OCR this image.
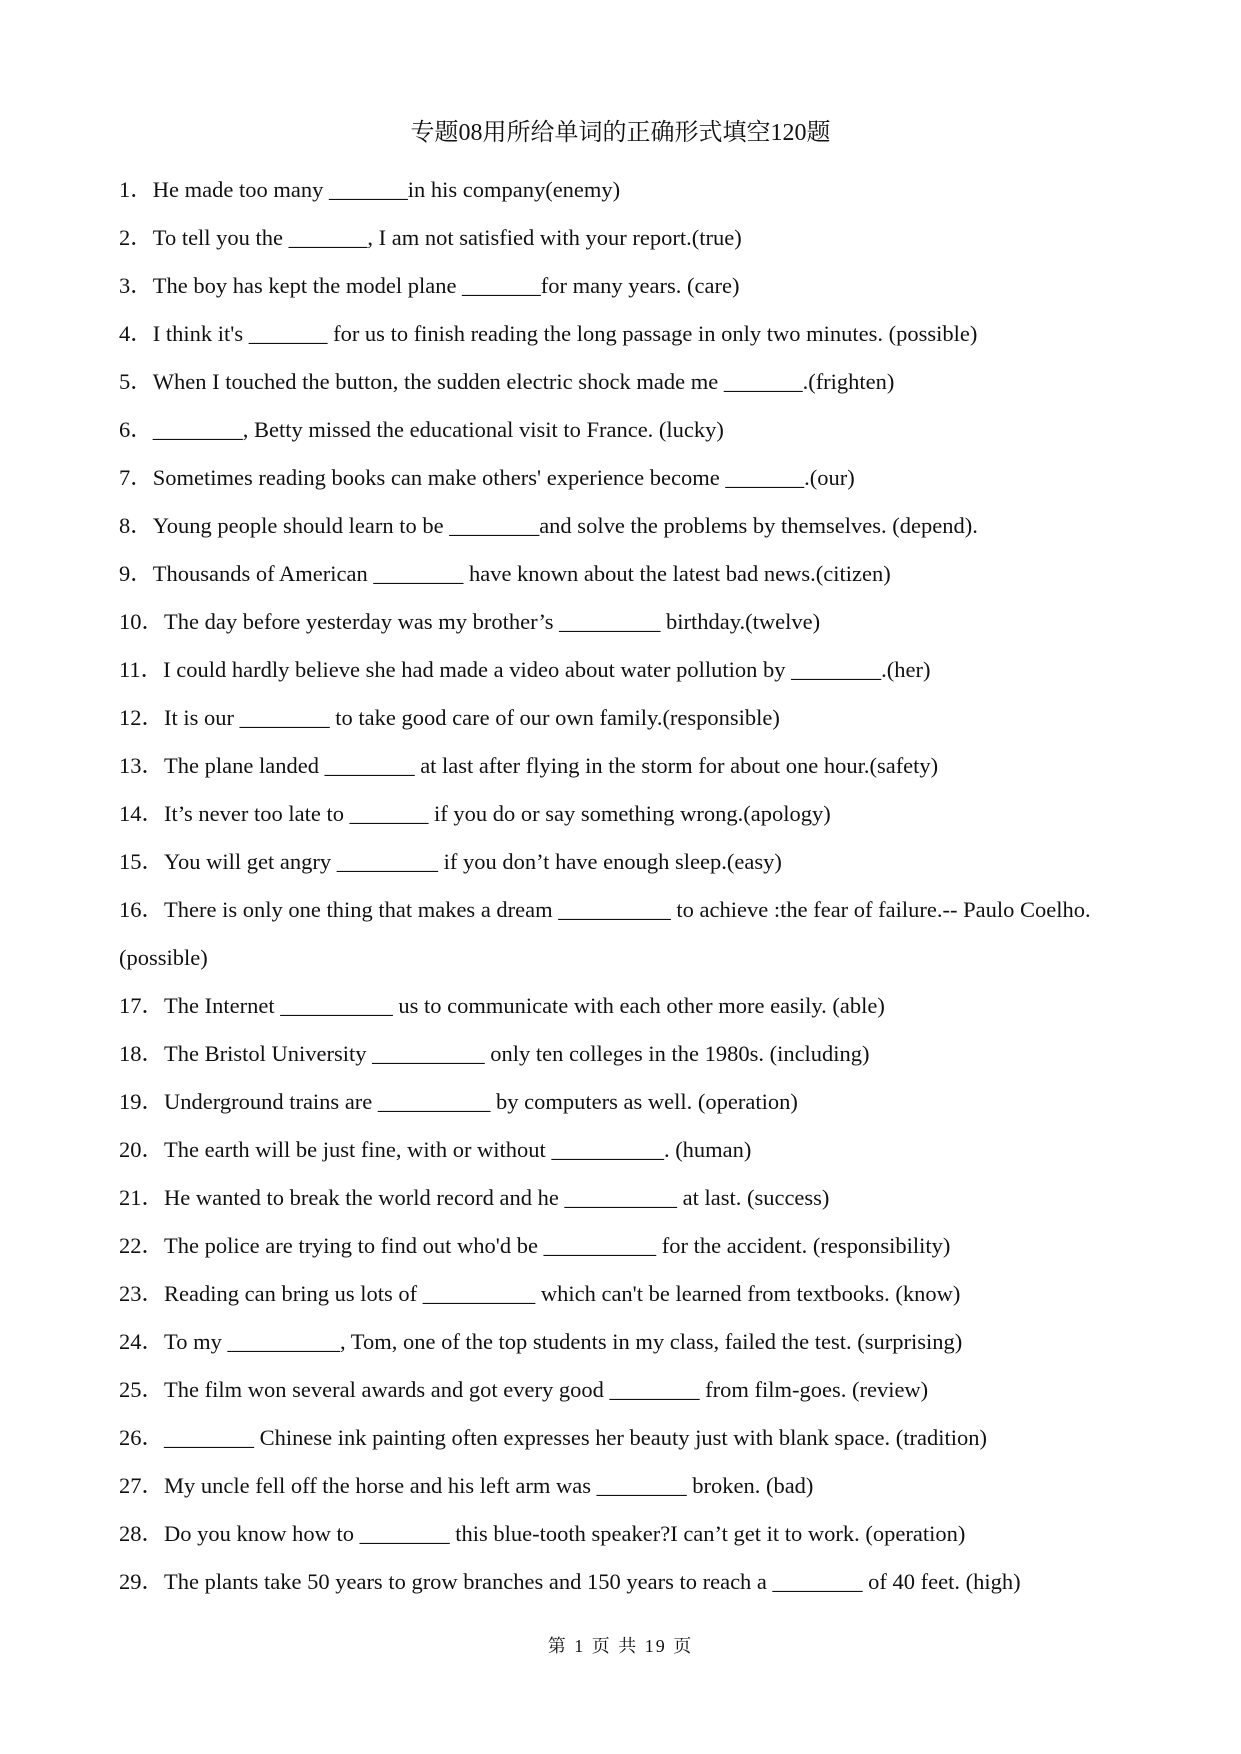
专题08用所给单词的正确形式填空120题
1．He made too many _______in his company(enemy)
2．To tell you the _______, I am not satisfied with your report.(true)
3．The boy has kept the model plane _______for many years. (care)
4．I think it's _______ for us to finish reading the long passage in only two minutes. (possible)
5．When I touched the button, the sudden electric shock made me _______.(frighten)
6．________, Betty missed the educational visit to France. (lucky)
7．Sometimes reading books can make others' experience become _______.(our)
8．Young people should learn to be ________and solve the problems by themselves. (depend).
9．Thousands of American ________ have known about the latest bad news.(citizen)
10．The day before yesterday was my brother’s _________ birthday.(twelve)
11．I could hardly believe she had made a video about water pollution by ________.(her)
12．It is our ________ to take good care of our own family.(responsible)
13．The plane landed ________ at last after flying in the storm for about one hour.(safety)
14．It’s never too late to _______ if you do or say something wrong.(apology)
15．You will get angry _________ if you don’t have enough sleep.(easy)
16．There is only one thing that makes a dream __________ to achieve :the fear of failure.-- Paulo Coelho.(possible)
17．The Internet __________ us to communicate with each other more easily. (able)
18．The Bristol University __________ only ten colleges in the 1980s. (including)
19．Underground trains are __________ by computers as well. (operation)
20．The earth will be just fine, with or without __________. (human)
21．He wanted to break the world record and he __________ at last. (success)
22．The police are trying to find out who'd be __________ for the accident. (responsibility)
23．Reading can bring us lots of __________ which can't be learned from textbooks. (know)
24．To my __________, Tom, one of the top students in my class, failed the test. (surprising)
25．The film won several awards and got every good ________ from film-goes. (review)
26．________ Chinese ink painting often expresses her beauty just with blank space. (tradition)
27．My uncle fell off the horse and his left arm was ________ broken. (bad)
28．Do you know how to ________ this blue-tooth speaker?I can’t get it to work. (operation)
29．The plants take 50 years to grow branches and 150 years to reach a ________ of 40 feet. (high)
第 1 页 共 19 页
